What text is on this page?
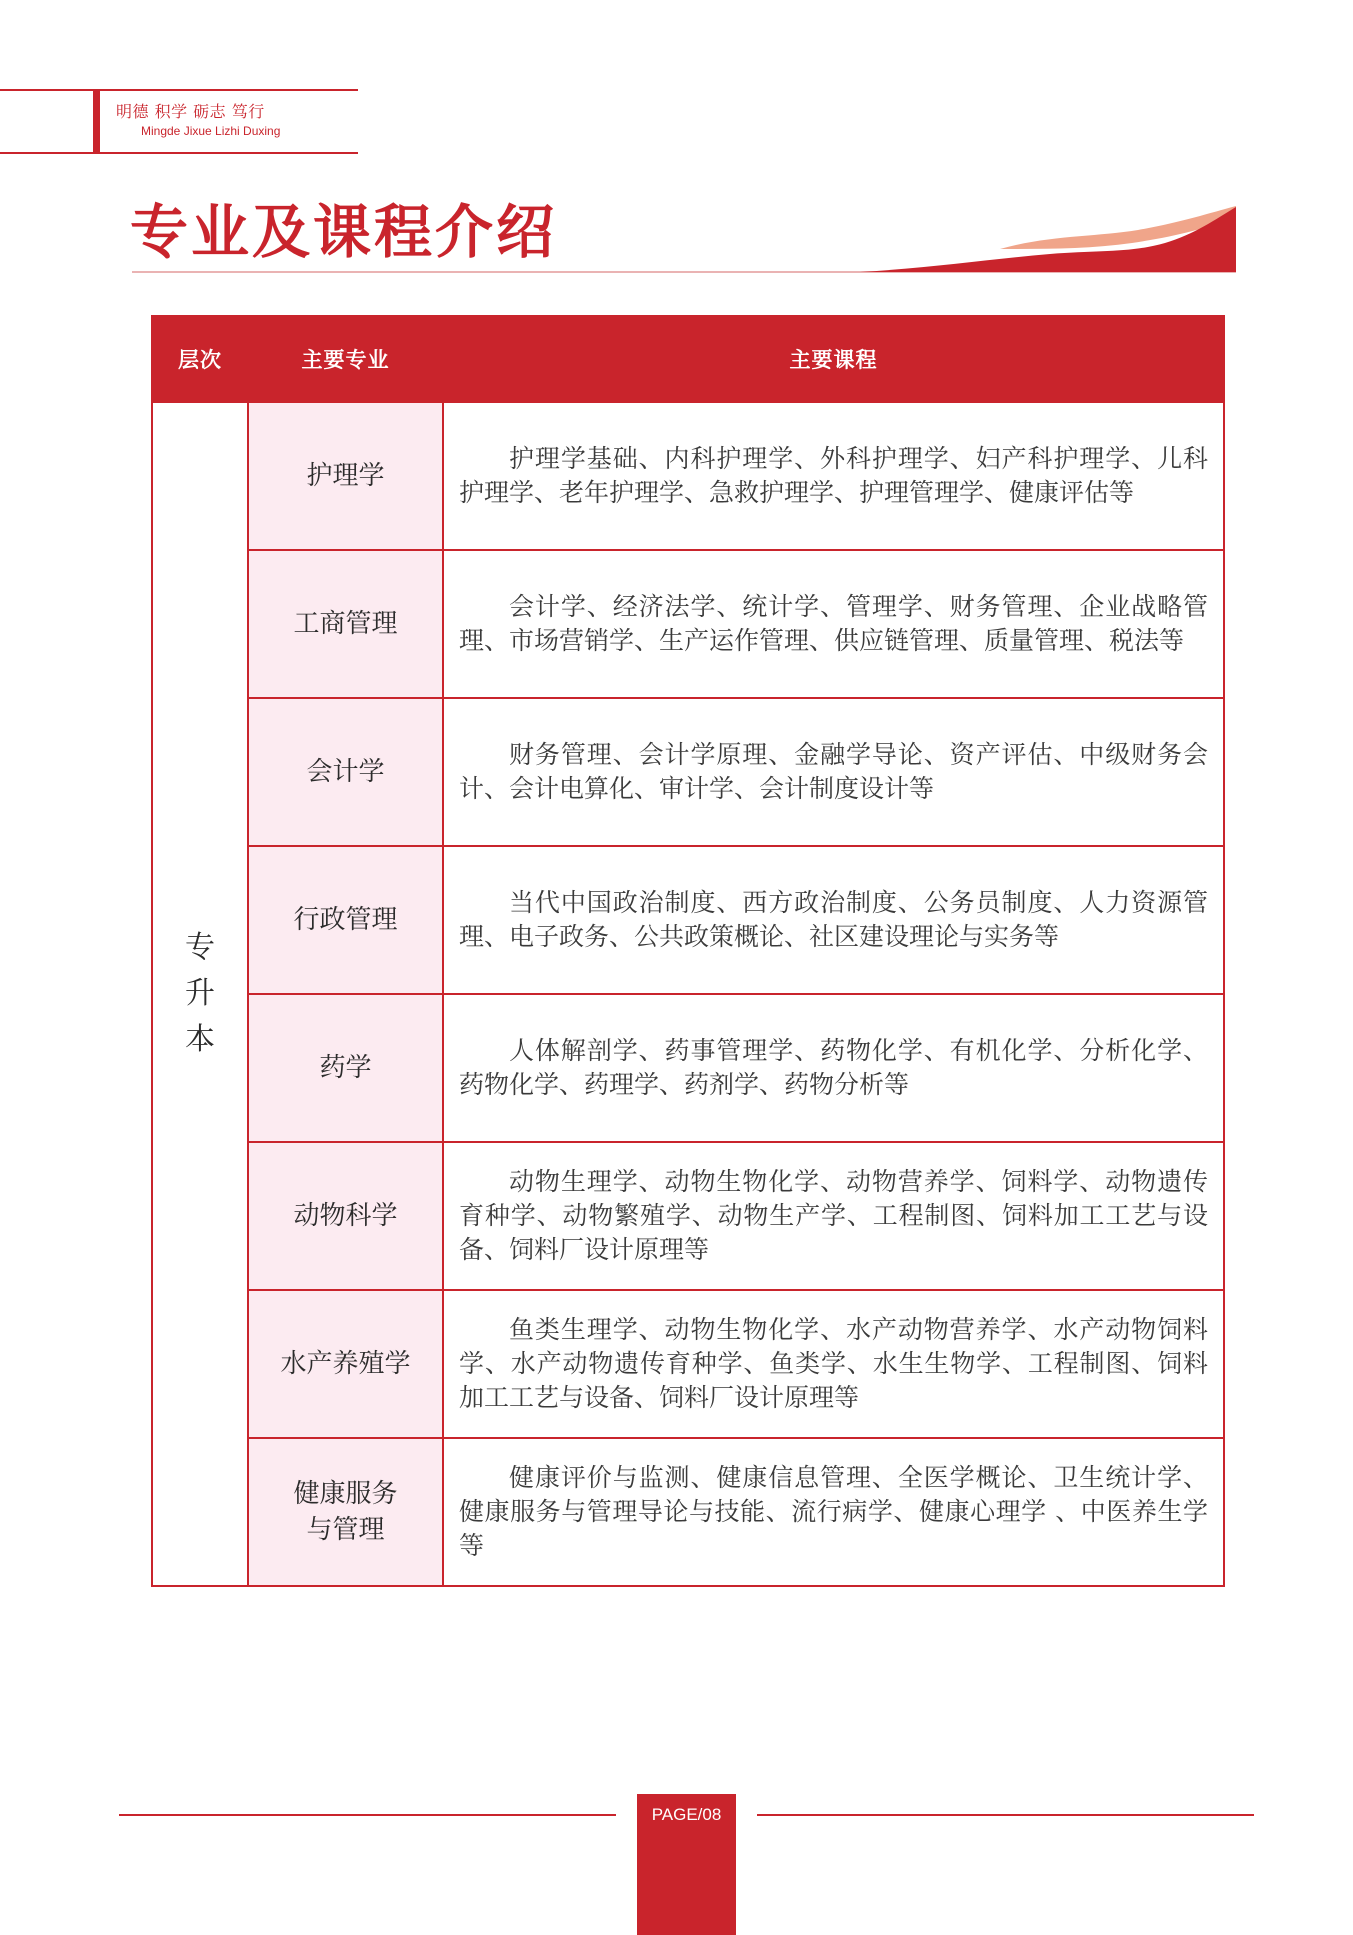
明德 积学 砺志 笃行
Mingde Jixue Lizhi Duxing
专业及课程介绍
层次	主要专业	主要课程
专升本	护理学	护理学基础、内科护理学、外科护理学、妇产科护理学、儿科护理学、老年护理学、急救护理学、护理管理学、健康评估等

	工商管理	会计学、经济法学、统计学、管理学、财务管理、企业战略管理、市场营销学、生产运作管理、供应链管理、质量管理、税法等

	会计学	财务管理、会计学原理、金融学导论、资产评估、中级财务会计、会计电算化、审计学、会计制度设计等

	行政管理	当代中国政治制度、西方政治制度、公务员制度、人力资源管理、电子政务、公共政策概论、社区建设理论与实务等

	药学	人体解剖学、药事管理学、药物化学、有机化学、分析化学、药物化学、药理学、药剂学、药物分析等

	动物科学	动物生理学、动物生物化学、动物营养学、饲料学、动物遗传育种学、动物繁殖学、动物生产学、工程制图、饲料加工工艺与设备、饲料厂设计原理等

	水产养殖学	鱼类生理学、动物生物化学、水产动物营养学、水产动物饲料学、水产动物遗传育种学、鱼类学、水生生物学、工程制图、饲料加工工艺与设备、饲料厂设计原理等

	健康服务与管理	健康评价与监测、健康信息管理、全医学概论、卫生统计学、健康服务与管理导论与技能、流行病学、健康心理学 、中医养生学等
PAGE/08
